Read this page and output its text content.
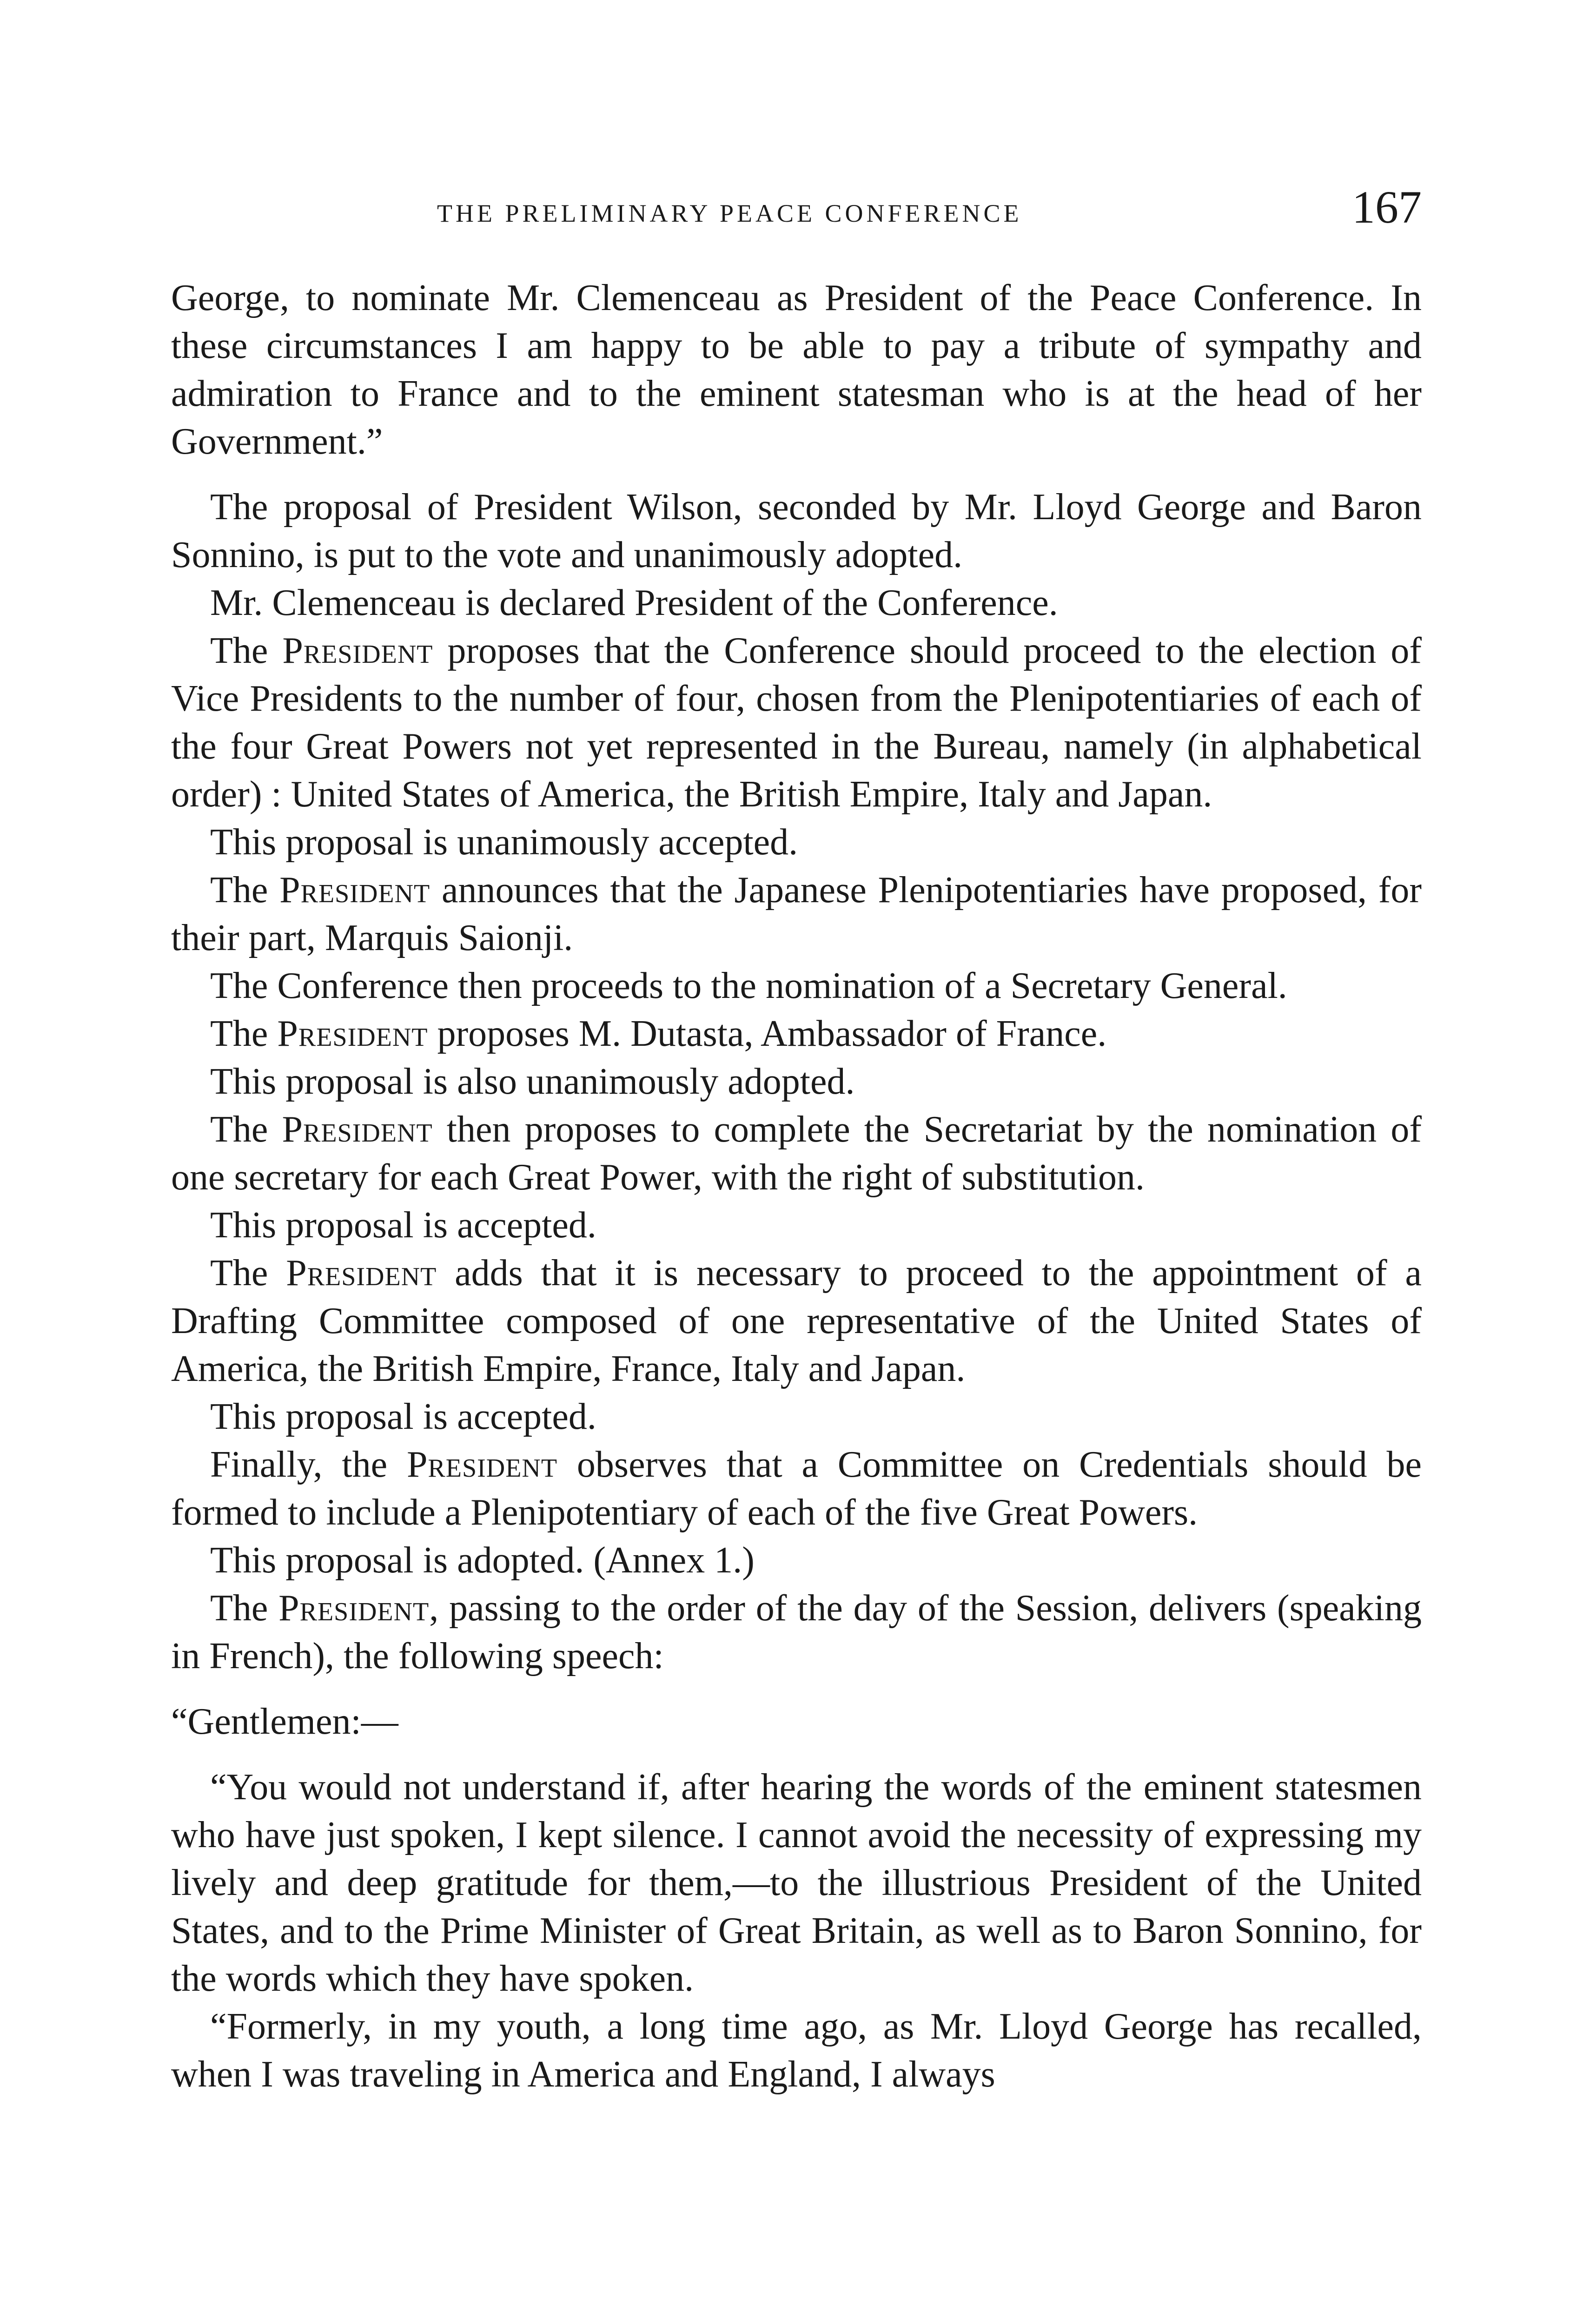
THE PRELIMINARY PEACE CONFERENCE	167

George, to nominate Mr. Clemenceau as President of the Peace Conference. In these circumstances I am happy to be able to pay a tribute of sympathy and admiration to France and to the eminent statesman who is at the head of her Government.”

The proposal of President Wilson, seconded by Mr. Lloyd George and Baron Sonnino, is put to the vote and unanimously adopted.

Mr. Clemenceau is declared President of the Conference.

The President proposes that the Conference should proceed to the election of Vice Presidents to the number of four, chosen from the Plenipotentiaries of each of the four Great Powers not yet represented in the Bureau, namely (in alphabetical order) : United States of America, the British Empire, Italy and Japan.

This proposal is unanimously accepted.

The President announces that the Japanese Plenipotentiaries have proposed, for their part, Marquis Saionji.

The Conference then proceeds to the nomination of a Secretary General.

The President proposes M. Dutasta, Ambassador of France.

This proposal is also unanimously adopted.

The President then proposes to complete the Secretariat by the nomination of one secretary for each Great Power, with the right of substitution.

This proposal is accepted.

The President adds that it is necessary to proceed to the appointment of a Drafting Committee composed of one representative of the United States of America, the British Empire, France, Italy and Japan.

This proposal is accepted.

Finally, the President observes that a Committee on Credentials should be formed to include a Plenipotentiary of each of the five Great Powers.

This proposal is adopted. (Annex 1.)

The President, passing to the order of the day of the Session, delivers (speaking in French), the following speech:

“Gentlemen:—

“You would not understand if, after hearing the words of the eminent statesmen who have just spoken, I kept silence. I cannot avoid the necessity of expressing my lively and deep gratitude for them,—to the illustrious President of the United States, and to the Prime Minister of Great Britain, as well as to Baron Sonnino, for the words which they have spoken.

“Formerly, in my youth, a long time ago, as Mr. Lloyd George has recalled, when I was traveling in America and England, I always
